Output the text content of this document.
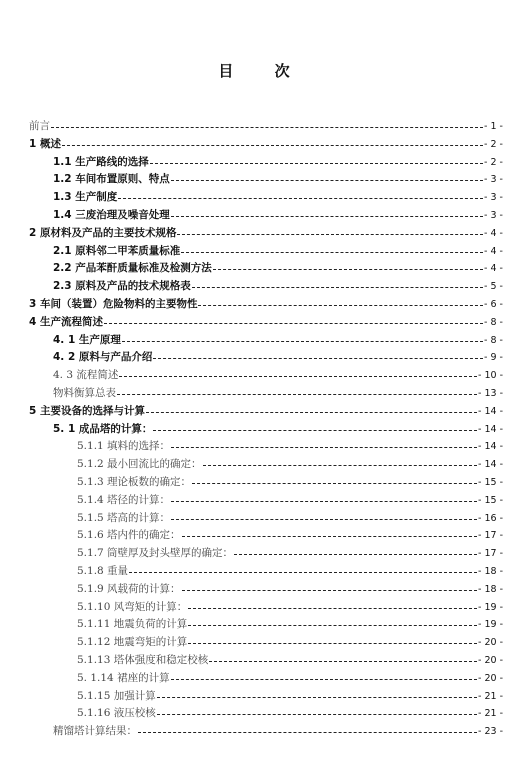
目 次
前言	- 1 -
1 概述	- 2 -
1.1 生产路线的选择	- 2 -
1.2 车间布置原则、特点	- 3 -
1.3 生产制度	- 3 -
1.4 三废治理及噪音处理	- 3 -
2 原材料及产品的主要技术规格	- 4 -
2.1 原料邻二甲苯质量标准	- 4 -
2.2 产品苯酐质量标准及检测方法	- 4 -
2.3 原料及产品的技术规格表	- 5 -
3 车间（装置）危险物料的主要物性	- 6 -
4 生产流程简述	- 8 -
4. 1 生产原理	- 8 -
4. 2 原料与产品介绍	- 9 -
4. 3 流程简述	- 10 -
物料衡算总表	- 13 -
5 主要设备的选择与计算	- 14 -
5. 1 成品塔的计算：	- 14 -
5.1.1 填料的选择：	- 14 -
5.1.2 最小回流比的确定：	- 14 -
5.1.3 理论板数的确定：	- 15 -
5.1.4 塔径的计算：	- 15 -
5.1.5 塔高的计算：	- 16 -
5.1.6 塔内件的确定：	- 17 -
5.1.7 筒壁厚及封头壁厚的确定：	- 17 -
5.1.8 重量	- 18 -
5.1.9 风载荷的计算：	- 18 -
5.1.10 风弯矩的计算：	- 19 -
5.1.11 地震负荷的计算	- 19 -
5.1.12 地震弯矩的计算	- 20 -
5.1.13 塔体强度和稳定校核	- 20 -
5. 1.14 裙座的计算	- 20 -
5.1.15 加强计算	- 21 -
5.1.16 液压校核	- 21 -
精馏塔计算结果：	- 23 -
